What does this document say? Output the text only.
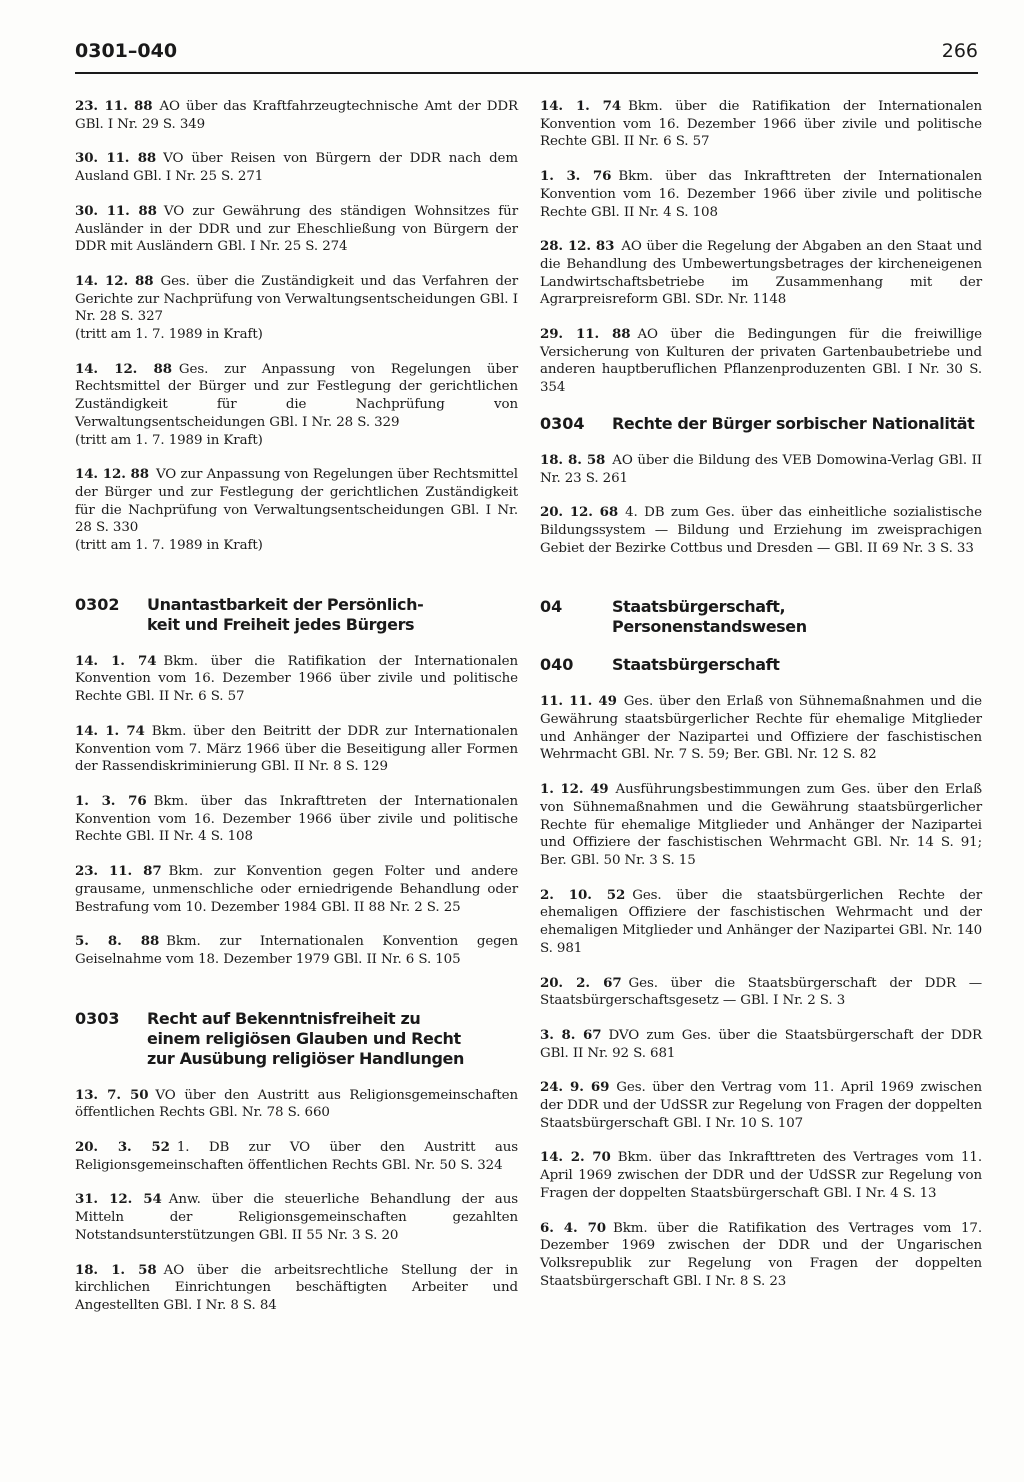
0301–040	266

23. 11. 88 AO über das Kraftfahrzeugtechnische Amt der DDR GBl. I Nr. 29 S. 349

30. 11. 88 VO über Reisen von Bürgern der DDR nach dem Ausland GBl. I Nr. 25 S. 271

30. 11. 88 VO zur Gewährung des ständigen Wohnsitzes für Ausländer in der DDR und zur Eheschließung von Bürgern der DDR mit Ausländern GBl. I Nr. 25 S. 274

14. 12. 88 Ges. über die Zuständigkeit und das Verfahren der Gerichte zur Nachprüfung von Verwaltungsentscheidungen GBl. I Nr. 28 S. 327
(tritt am 1. 7. 1989 in Kraft)

14. 12. 88 Ges. zur Anpassung von Regelungen über Rechtsmittel der Bürger und zur Festlegung der gerichtlichen Zuständigkeit für die Nachprüfung von Verwaltungsentscheidungen GBl. I Nr. 28 S. 329
(tritt am 1. 7. 1989 in Kraft)

14. 12. 88 VO zur Anpassung von Regelungen über Rechtsmittel der Bürger und zur Festlegung der gerichtlichen Zuständigkeit für die Nachprüfung von Verwaltungsentscheidungen GBl. I Nr. 28 S. 330
(tritt am 1. 7. 1989 in Kraft)

0302	Unantastbarkeit der Persönlich-
keit und Freiheit jedes Bürgers

14. 1. 74 Bkm. über die Ratifikation der Internationalen Konvention vom 16. Dezember 1966 über zivile und politische Rechte GBl. II Nr. 6 S. 57

14. 1. 74 Bkm. über den Beitritt der DDR zur Internationalen Konvention vom 7. März 1966 über die Beseitigung aller Formen der Rassendiskriminierung GBl. II Nr. 8 S. 129

1. 3. 76 Bkm. über das Inkrafttreten der Internationalen Konvention vom 16. Dezember 1966 über zivile und politische Rechte GBl. II Nr. 4 S. 108

23. 11. 87 Bkm. zur Konvention gegen Folter und andere grausame, unmenschliche oder erniedrigende Behandlung oder Bestrafung vom 10. Dezember 1984 GBl. II 88 Nr. 2 S. 25

5. 8. 88 Bkm. zur Internationalen Konvention gegen Geiselnahme vom 18. Dezember 1979 GBl. II Nr. 6 S. 105

0303	Recht auf Bekenntnisfreiheit zu
einem religiösen Glauben und Recht
zur Ausübung religiöser Handlungen

13. 7. 50 VO über den Austritt aus Religionsgemeinschaften öffentlichen Rechts GBl. Nr. 78 S. 660

20. 3. 52 1. DB zur VO über den Austritt aus Religionsgemeinschaften öffentlichen Rechts GBl. Nr. 50 S. 324

31. 12. 54 Anw. über die steuerliche Behandlung der aus Mitteln der Religionsgemeinschaften gezahlten Notstandsunterstützungen GBl. II 55 Nr. 3 S. 20

18. 1. 58 AO über die arbeitsrechtliche Stellung der in kirchlichen Einrichtungen beschäftigten Arbeiter und Angestellten GBl. I Nr. 8 S. 84

14. 1. 74 Bkm. über die Ratifikation der Internationalen Konvention vom 16. Dezember 1966 über zivile und politische Rechte GBl. II Nr. 6 S. 57

1. 3. 76 Bkm. über das Inkrafttreten der Internationalen Konvention vom 16. Dezember 1966 über zivile und politische Rechte GBl. II Nr. 4 S. 108

28. 12. 83 AO über die Regelung der Abgaben an den Staat und die Behandlung des Umbewertungsbetrages der kircheneigenen Landwirtschaftsbetriebe im Zusammenhang mit der Agrarpreisreform GBl. SDr. Nr. 1148

29. 11. 88 AO über die Bedingungen für die freiwillige Versicherung von Kulturen der privaten Gartenbaubetriebe und anderen hauptberuflichen Pflanzenproduzenten GBl. I Nr. 30 S. 354

0304	Rechte der Bürger sorbischer Nationalität

18. 8. 58 AO über die Bildung des VEB Domowina-Verlag GBl. II Nr. 23 S. 261

20. 12. 68 4. DB zum Ges. über das einheitliche sozialistische Bildungssystem — Bildung und Erziehung im zweisprachigen Gebiet der Bezirke Cottbus und Dresden — GBl. II 69 Nr. 3 S. 33

04	Staatsbürgerschaft, Personenstandswesen
040	Staatsbürgerschaft

11. 11. 49 Ges. über den Erlaß von Sühnemaßnahmen und die Gewährung staatsbürgerlicher Rechte für ehemalige Mitglieder und Anhänger der Nazipartei und Offiziere der faschistischen Wehrmacht GBl. Nr. 7 S. 59; Ber. GBl. Nr. 12 S. 82

1. 12. 49 Ausführungsbestimmungen zum Ges. über den Erlaß von Sühnemaßnahmen und die Gewährung staatsbürgerlicher Rechte für ehemalige Mitglieder und Anhänger der Nazipartei und Offiziere der faschistischen Wehrmacht GBl. Nr. 14 S. 91; Ber. GBl. 50 Nr. 3 S. 15

2. 10. 52 Ges. über die staatsbürgerlichen Rechte der ehemaligen Offiziere der faschistischen Wehrmacht und der ehemaligen Mitglieder und Anhänger der Nazipartei GBl. Nr. 140 S. 981

20. 2. 67 Ges. über die Staatsbürgerschaft der DDR — Staatsbürgerschaftsgesetz — GBl. I Nr. 2 S. 3

3. 8. 67 DVO zum Ges. über die Staatsbürgerschaft der DDR GBl. II Nr. 92 S. 681

24. 9. 69 Ges. über den Vertrag vom 11. April 1969 zwischen der DDR und der UdSSR zur Regelung von Fragen der doppelten Staatsbürgerschaft GBl. I Nr. 10 S. 107

14. 2. 70 Bkm. über das Inkrafttreten des Vertrages vom 11. April 1969 zwischen der DDR und der UdSSR zur Regelung von Fragen der doppelten Staatsbürgerschaft GBl. I Nr. 4 S. 13

6. 4. 70 Bkm. über die Ratifikation des Vertrages vom 17. Dezember 1969 zwischen der DDR und der Ungarischen Volksrepublik zur Regelung von Fragen der doppelten Staatsbürgerschaft GBl. I Nr. 8 S. 23
